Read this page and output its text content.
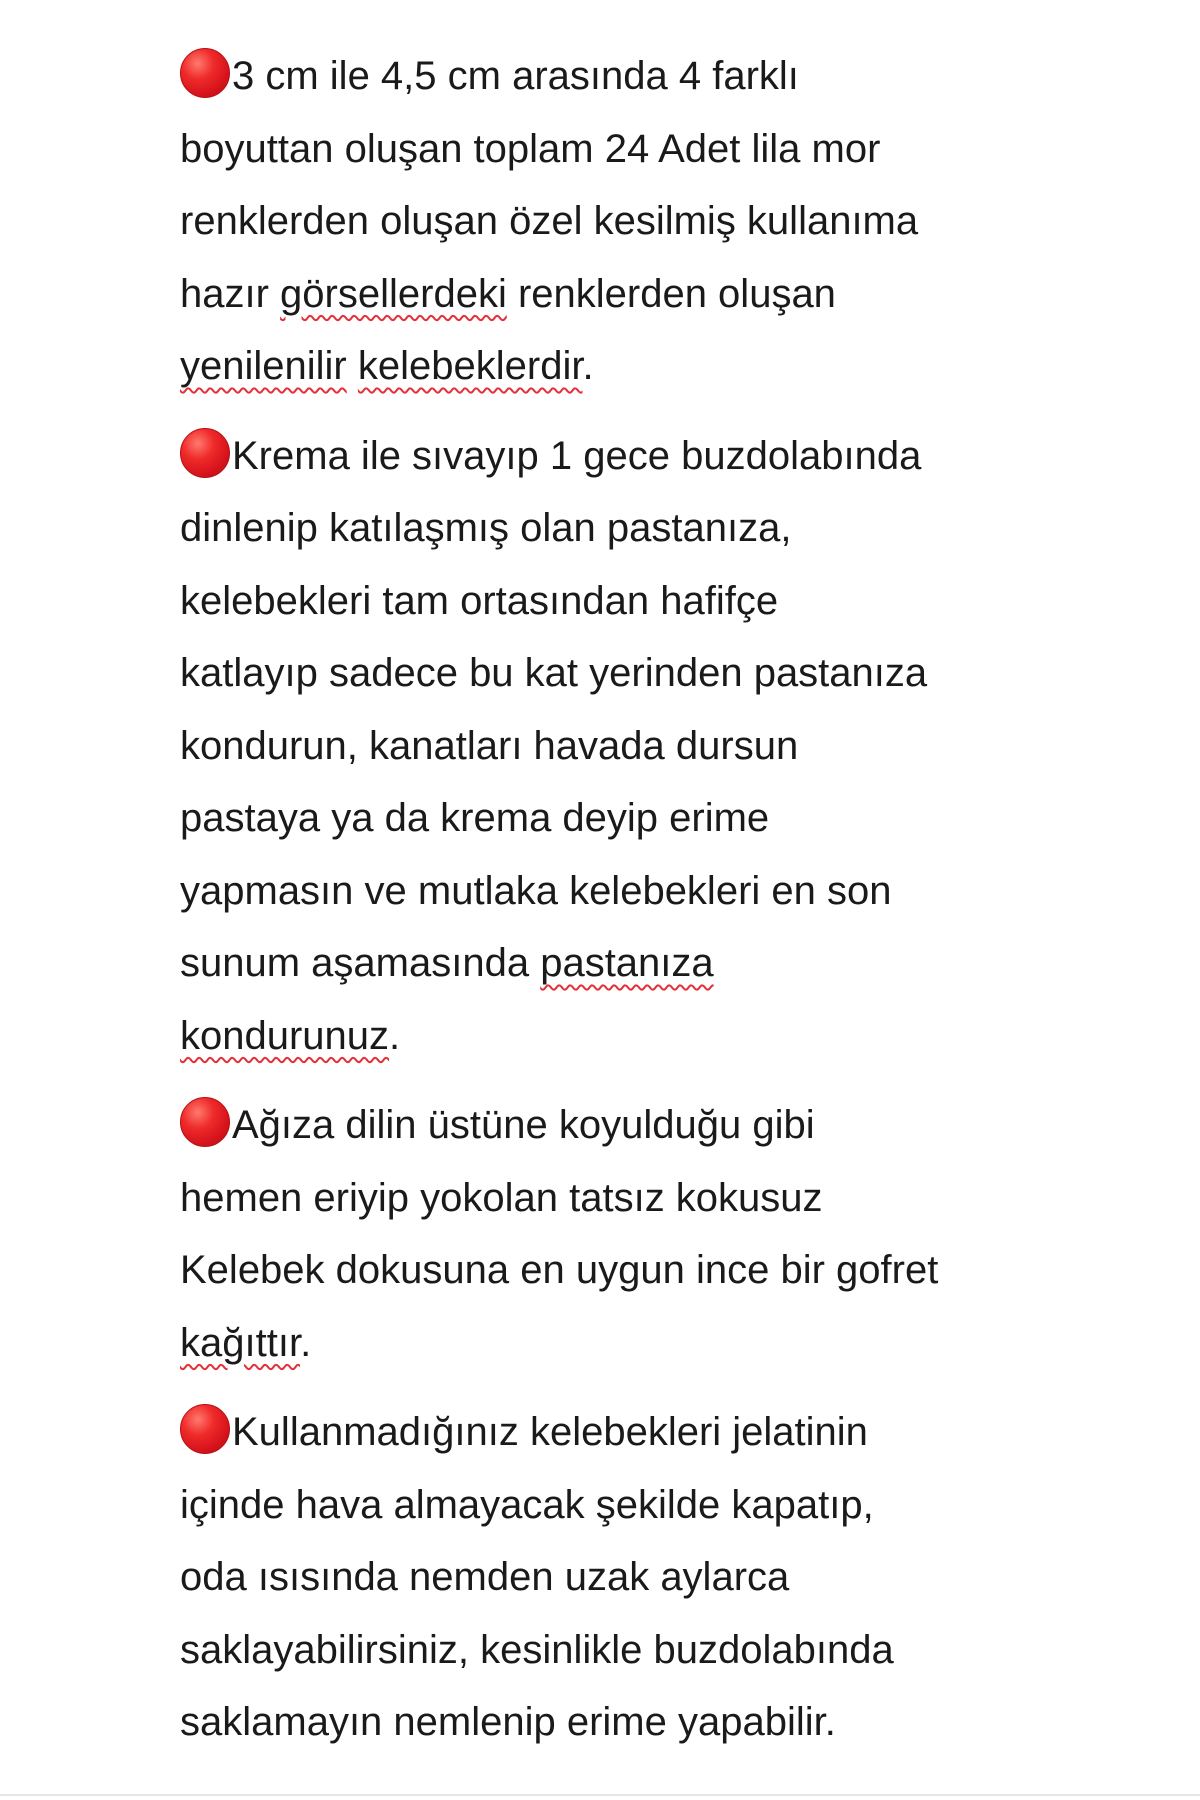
3 cm ile 4,5 cm arasında 4 farklı
boyuttan oluşan toplam 24 Adet lila mor
renklerden oluşan özel kesilmiş kullanıma
hazır görsellerdeki renklerden oluşan
yenilenilir kelebeklerdir.
Krema ile sıvayıp 1 gece buzdolabında
dinlenip katılaşmış olan pastanıza,
kelebekleri tam ortasından hafifçe
katlayıp sadece bu kat yerinden pastanıza
kondurun, kanatları havada dursun
pastaya ya da krema deyip erime
yapmasın ve mutlaka kelebekleri en son
sunum aşamasında pastanıza
kondurunuz.
Ağıza dilin üstüne koyulduğu gibi
hemen eriyip yokolan tatsız kokusuz
Kelebek dokusuna en uygun ince bir gofret
kağıttır.
Kullanmadığınız kelebekleri jelatinin
içinde hava almayacak şekilde kapatıp,
oda ısısında nemden uzak aylarca
saklayabilirsiniz, kesinlikle buzdolabında
saklamayın nemlenip erime yapabilir.
